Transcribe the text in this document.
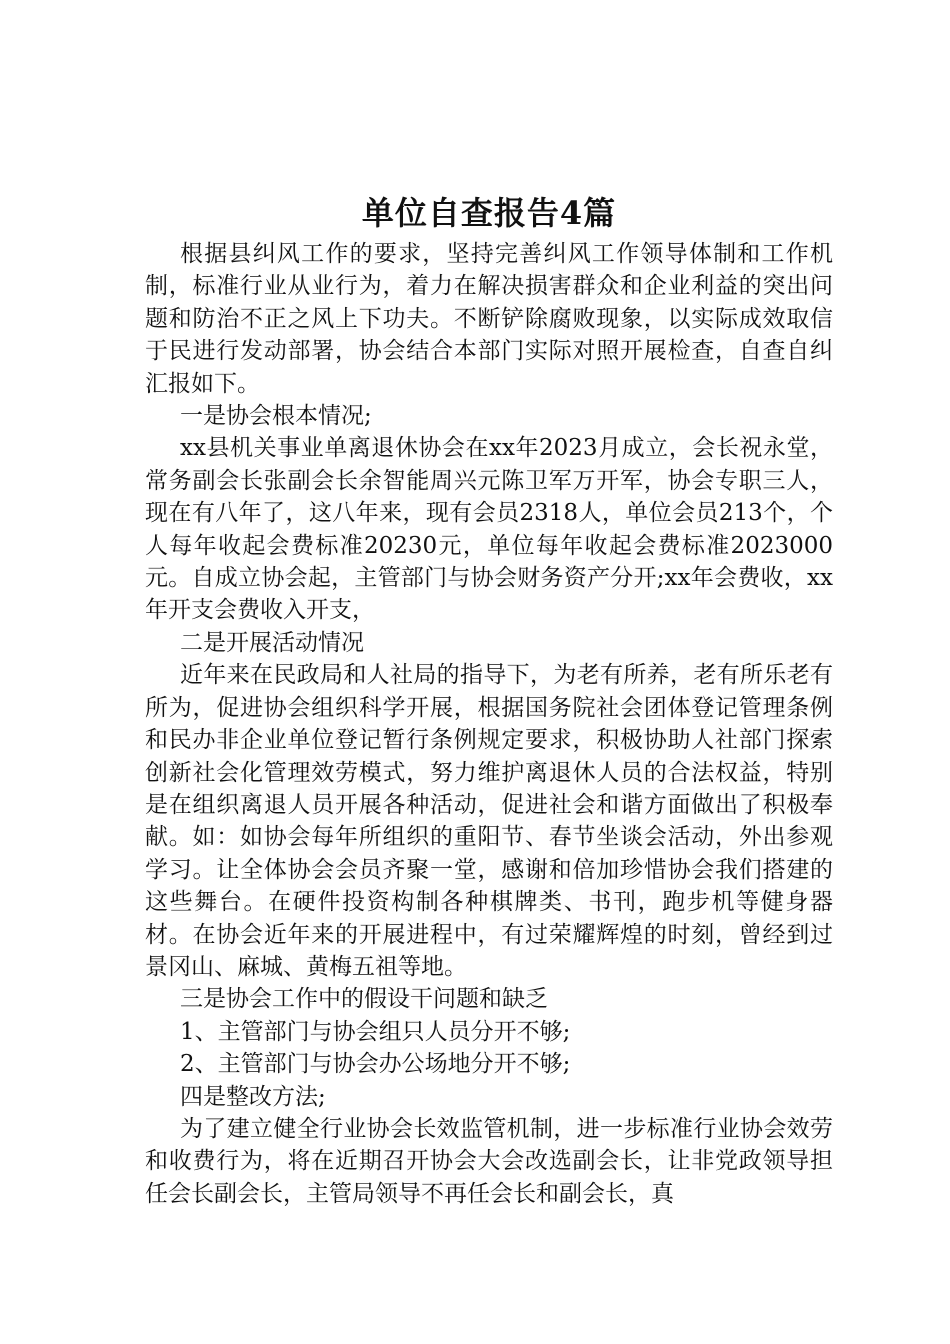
单位自查报告4篇

根据县纠风工作的要求，坚持完善纠风工作领导体制和工作机制，标准行业从业行为，着力在解决损害群众和企业利益的突出问题和防治不正之风上下功夫。不断铲除腐败现象，以实际成效取信于民进行发动部署，协会结合本部门实际对照开展检查，自查自纠汇报如下。

一是协会根本情况;

xx县机关事业单离退休协会在xx年2023月成立，会长祝永堂，常务副会长张副会长余智能周兴元陈卫军万开军，协会专职三人，现在有八年了，这八年来，现有会员2318人，单位会员213个，个人每年收起会费标准20230元，单位每年收起会费标准2023000元。自成立协会起，主管部门与协会财务资产分开;xx年会费收，xx年开支会费收入开支，

二是开展活动情况

近年来在民政局和人社局的指导下，为老有所养，老有所乐老有所为，促进协会组织科学开展，根据国务院社会团体登记管理条例和民办非企业单位登记暂行条例规定要求，积极协助人社部门探索创新社会化管理效劳模式，努力维护离退休人员的合法权益，特别是在组织离退人员开展各种活动，促进社会和谐方面做出了积极奉献。如：如协会每年所组织的重阳节、春节坐谈会活动，外出参观学习。让全体协会会员齐聚一堂，感谢和倍加珍惜协会我们搭建的这些舞台。在硬件投资构制各种棋牌类、书刊，跑步机等健身器材。在协会近年来的开展进程中，有过荣耀辉煌的时刻，曾经到过景冈山、麻城、黄梅五祖等地。

三是协会工作中的假设干问题和缺乏

1、主管部门与协会组只人员分开不够;

2、主管部门与协会办公场地分开不够;

四是整改方法;

为了建立健全行业协会长效监管机制，进一步标准行业协会效劳和收费行为，将在近期召开协会大会改选副会长，让非党政领导担任会长副会长，主管局领导不再任会长和副会长，真
